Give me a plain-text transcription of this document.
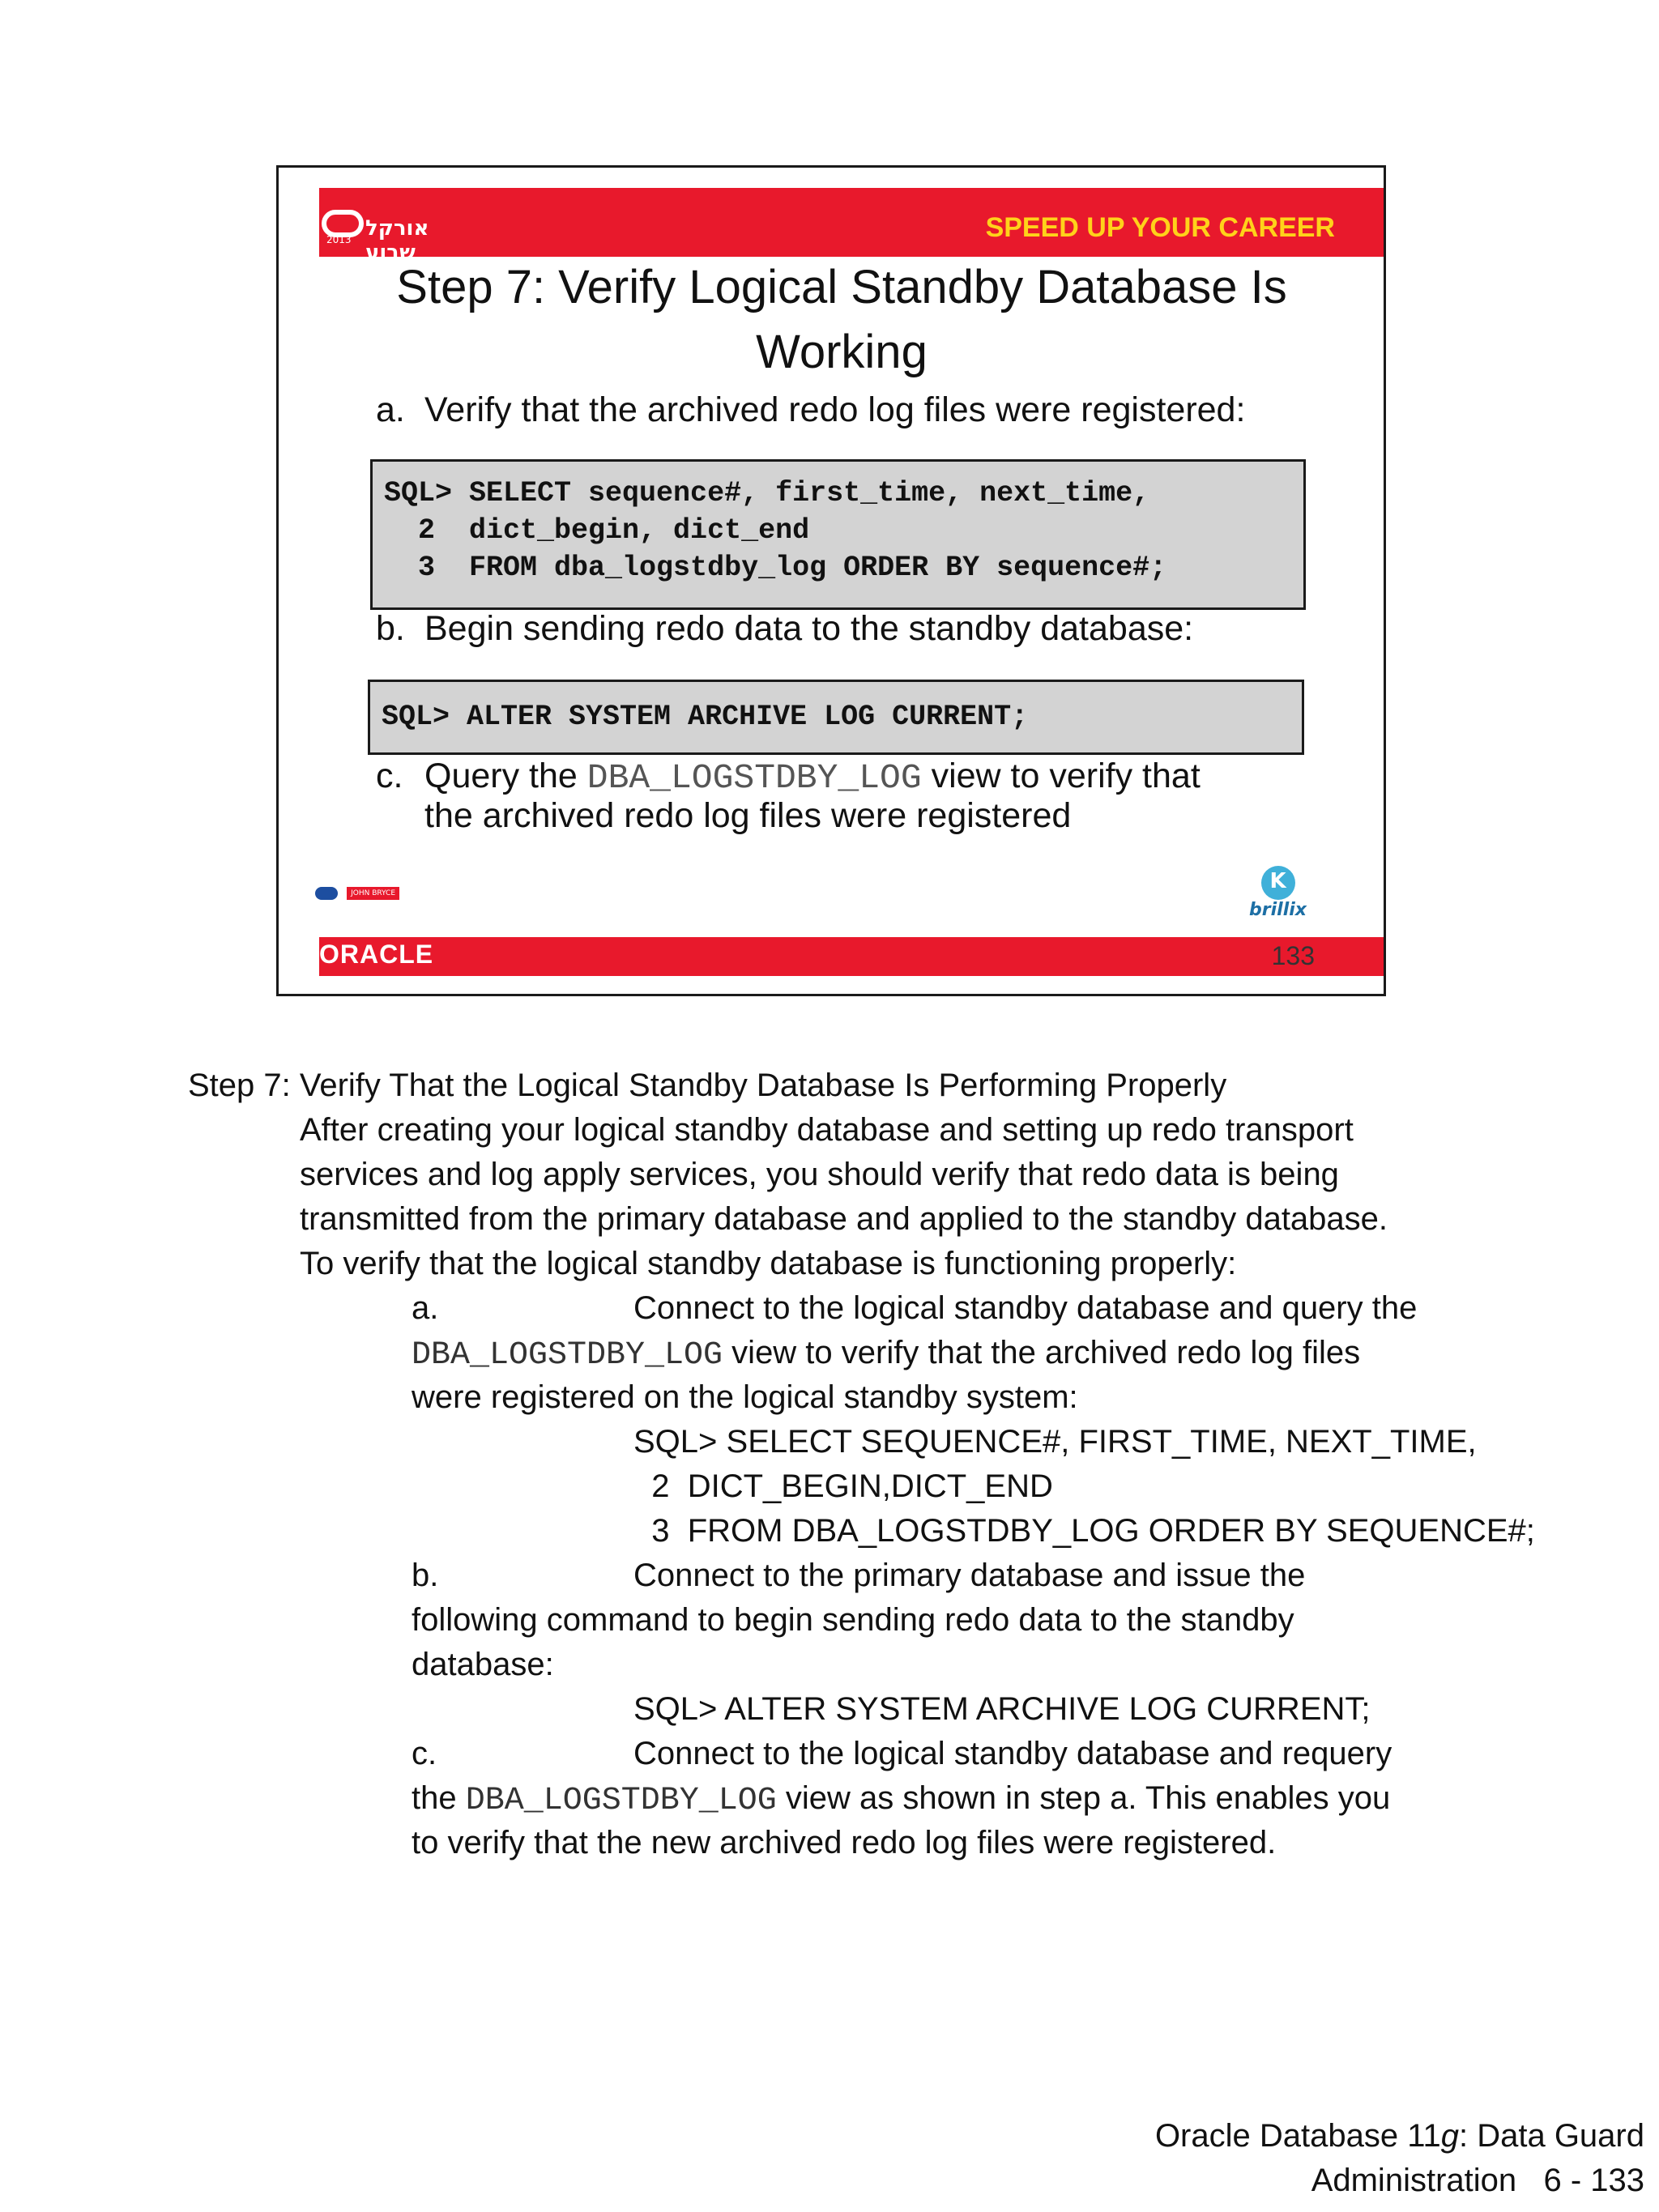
2013 אורקל שבוע
SPEED UP YOUR CAREER
Step 7: Verify Logical Standby Database Is
Working
a. Verify that the archived redo log files were registered:
SQL> SELECT sequence#, first_time, next_time,
2  dict_begin, dict_end
3  FROM dba_logstdby_log ORDER BY sequence#;
b. Begin sending redo data to the standby database:
SQL> ALTER SYSTEM ARCHIVE LOG CURRENT;
c. Query the DBA_LOGSTDBY_LOG view to verify that
the archived redo log files were registered
JOHN BRYCE
K
brillix
ORACLE	133
Step 7: Verify That the Logical Standby Database Is Performing Properly
After creating your logical standby database and setting up redo transport
services and log apply services, you should verify that redo data is being
transmitted from the primary database and applied to the standby database.
To verify that the logical standby database is functioning properly:
a.	Connect to the logical standby database and query the
DBA_LOGSTDBY_LOG view to verify that the archived redo log files
were registered on the logical standby system:
SQL> SELECT SEQUENCE#, FIRST_TIME, NEXT_TIME,
2  DICT_BEGIN,DICT_END
3  FROM DBA_LOGSTDBY_LOG ORDER BY SEQUENCE#;
b.	Connect to the primary database and issue the
following command to begin sending redo data to the standby
database:
SQL> ALTER SYSTEM ARCHIVE LOG CURRENT;
c.	Connect to the logical standby database and requery
the DBA_LOGSTDBY_LOG view as shown in step a. This enables you
to verify that the new archived redo log files were registered.
Oracle Database 11g: Data Guard
Administration   6 - 133
